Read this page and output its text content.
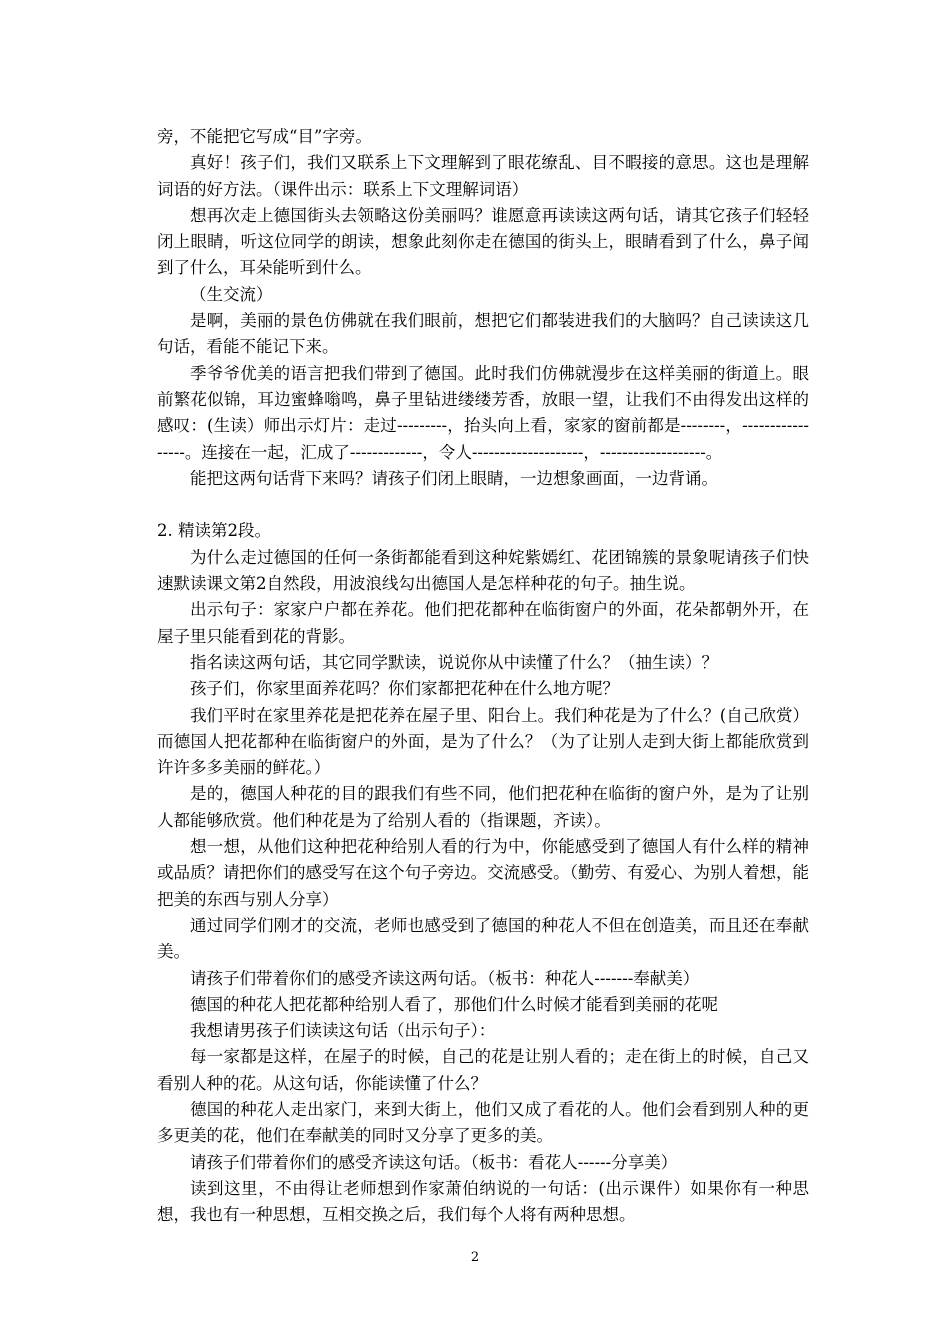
旁，不能把它写成“目”字旁。

真好！孩子们，我们又联系上下文理解到了眼花缭乱、目不暇接的意思。这也是理解词语的好方法。（课件出示：联系上下文理解词语）

想再次走上德国街头去领略这份美丽吗？谁愿意再读读这两句话，请其它孩子们轻轻闭上眼睛，听这位同学的朗读，想象此刻你走在德国的街头上，眼睛看到了什么，鼻子闻到了什么，耳朵能听到什么。

（生交流）

是啊，美丽的景色仿佛就在我们眼前，想把它们都装进我们的大脑吗？自己读读这几句话，看能不能记下来。

季爷爷优美的语言把我们带到了德国。此时我们仿佛就漫步在这样美丽的街道上。眼前繁花似锦，耳边蜜蜂嗡鸣，鼻子里钻进缕缕芳香，放眼一望，让我们不由得发出这样的感叹：(生读）师出示灯片：走过---------，抬头向上看，家家的窗前都是--------，-----------------。连接在一起，汇成了-------------，令人--------------------，-------------------。

能把这两句话背下来吗？请孩子们闭上眼睛，一边想象画面，一边背诵。

2. 精读第2段。

为什么走过德国的任何一条街都能看到这种姹紫嫣红、花团锦簇的景象呢请孩子们快速默读课文第2自然段，用波浪线勾出德国人是怎样种花的句子。抽生说。

出示句子：家家户户都在养花。他们把花都种在临街窗户的外面，花朵都朝外开，在屋子里只能看到花的背影。

指名读这两句话，其它同学默读，说说你从中读懂了什么？（抽生读）？

孩子们，你家里面养花吗？你们家都把花种在什么地方呢？

我们平时在家里养花是把花养在屋子里、阳台上。我们种花是为了什么？(自己欣赏）而德国人把花都种在临街窗户的外面，是为了什么？（为了让别人走到大街上都能欣赏到许许多多美丽的鲜花。）

是的，德国人种花的目的跟我们有些不同，他们把花种在临街的窗户外，是为了让别人都能够欣赏。他们种花是为了给别人看的（指课题，齐读）。

想一想，从他们这种把花种给别人看的行为中，你能感受到了德国人有什么样的精神或品质？请把你们的感受写在这个句子旁边。交流感受。（勤劳、有爱心、为别人着想，能把美的东西与别人分享）

通过同学们刚才的交流，老师也感受到了德国的种花人不但在创造美，而且还在奉献美。

请孩子们带着你们的感受齐读这两句话。（板书：种花人-------奉献美）

德国的种花人把花都种给别人看了，那他们什么时候才能看到美丽的花呢

我想请男孩子们读读这句话（出示句子）：

每一家都是这样，在屋子的时候，自己的花是让别人看的；走在街上的时候，自己又看别人种的花。从这句话，你能读懂了什么？

德国的种花人走出家门，来到大街上，他们又成了看花的人。他们会看到别人种的更多更美的花，他们在奉献美的同时又分享了更多的美。

请孩子们带着你们的感受齐读这句话。（板书：看花人------分享美）

读到这里，不由得让老师想到作家萧伯纳说的一句话：(出示课件）如果你有一种思想，我也有一种思想，互相交换之后，我们每个人将有两种思想。

2
